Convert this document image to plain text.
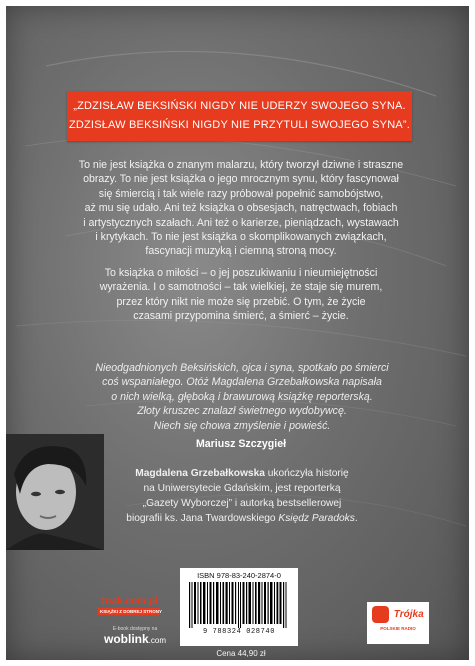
„ZDZISŁAW BEKSIŃSKI NIGDY NIE UDERZY SWOJEGO SYNA.
ZDZISŁAW BEKSIŃSKI NIGDY NIE PRZYTULI SWOJEGO SYNA”.
To nie jest książka o znanym malarzu, który tworzył dziwne i straszne
obrazy. To nie jest książka o jego mrocznym synu, który fascynował
się śmiercią i tak wiele razy próbował popełnić samobójstwo,
aż mu się udało. Ani też książka o obsesjach, natręctwach, fobiach
i artystycznych szałach. Ani też o karierze, pieniądzach, wystawach
i krytykach. To nie jest książka o skomplikowanych związkach,
fascynacji muzyką i ciemną stroną mocy.
To książka o miłości – o jej poszukiwaniu i nieumiejętności
wyrażenia. I o samotności – tak wielkiej, że staje się murem,
przez który nikt nie może się przebić. O tym, że życie
czasami przypomina śmierć, a śmierć – życie.
Nieodgadnionych Beksińskich, ojca i syna, spotkało po śmierci
coś wspaniałego. Otóż Magdalena Grzebałkowska napisała
o nich wielką, głęboką i brawurową książkę reporterską.
Złoty kruszec znalazł świetnego wydobywcę.
Niech się chowa zmyślenie i powieść.
Mariusz Szczygieł
Magdalena Grzebałkowska ukończyła historię
na Uniwersytecie Gdańskim, jest reporterką
„Gazety Wyborczej” i autorką bestsellerowej
biografii ks. Jana Twardowskiego Księdz Paradoks.
znak.com.pl
KSIĄŻKI Z DOBREJ STRONY
E-book dostępny na
woblink.com
ISBN 978-83-240-2874-0
9 788324 028740
Cena 44,90 zł
Trójka
POLSKIE RADIO
